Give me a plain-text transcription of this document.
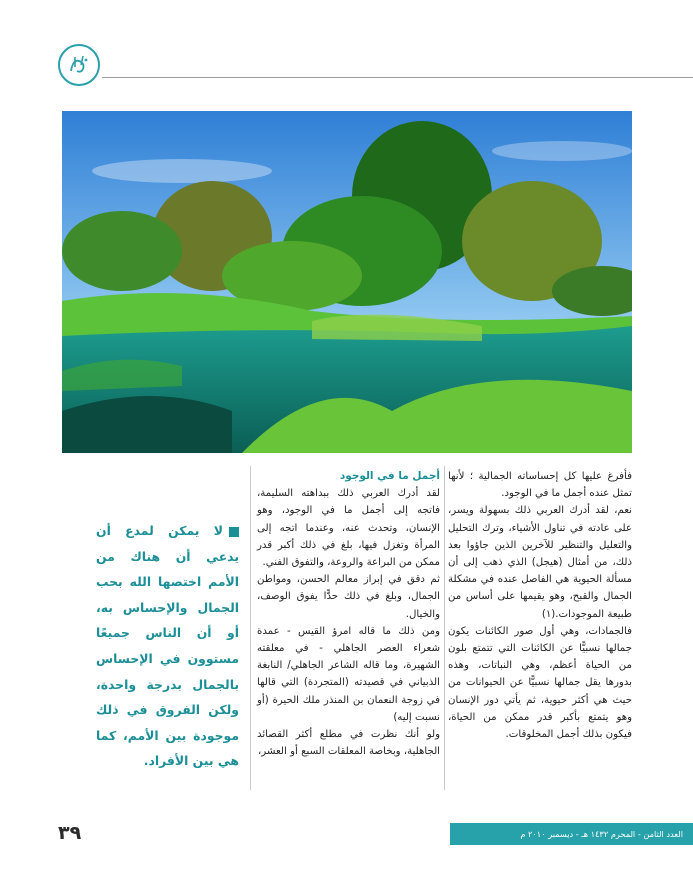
فأفرغ عليها كل إحساساته الجمالية ؛ لأنها تمثل عنده أجمل ما في الوجود.

نعم، لقد أدرك العربي ذلك بسهولة ويسر، على عادته في تناول الأشياء، وترك التحليل والتعليل والتنظير للآخرين الذين جاؤوا بعد ذلك، من أمثال (هيجل) الذي ذهب إلى أن مسألة الحيوية هي الفاصل عنده في مشكلة الجمال والقبح، وهو يقيمها على أساس من طبيعة الموجودات.(١)

فالجمادات، وهي أول صور الكائنات يكون جمالها نسبيًّا عن الكائنات التي تتمتع بلون من الحياة أعظم، وهي النباتات، وهذه بدورها يقل جمالها نسبيًّا عن الحيوانات من حيث هي أكثر حيوية، ثم يأتي دور الإنسان وهو يتمتع بأكبر قدر ممكن من الحياة، فيكون بذلك أجمل المخلوقات.

أجمل ما في الوجود

لقد أدرك العربي ذلك ببداهته السليمة، فاتجه إلى أجمل ما في الوجود، وهو الإنسان، وتحدث عنه، وعندما اتجه إلى المرأة وتغزل فيها، بلغ في ذلك أكبر قدر ممكن من البراعة والروعة، والتفوق الفني.

ثم دقق في إبراز معالم الحسن، ومواطن الجمال، وبلغ في ذلك حدًّا يفوق الوصف، والخيال.

ومن ذلك ما قاله امرؤ القيس - عمدة شعراء العصر الجاهلي - في معلقته الشهيرة، وما قاله الشاعر الجاهلي/ النابغة الذبياني في قصيدته (المتجردة) التي قالها في زوجة النعمان بن المنذر ملك الحيرة (أو نسبت إليه)

ولو أنك نظرت في مطلع أكثر القصائد الجاهلية، وبخاصة المعلقات السبع أو العشر،

لا يمكن لمدع أن يدعي أن هناك من الأمم اختصها الله بحب الجمال والإحساس به، أو أن الناس جميعًا مستوون في الإحساس بالجمال بدرجة واحدة، ولكن الفروق في ذلك موجودة بين الأمم، كما هي بين الأفراد.
العدد الثامن - المحرم ١٤٣٢ هـ - ديسمبر ٢٠١٠ م
٣٩
